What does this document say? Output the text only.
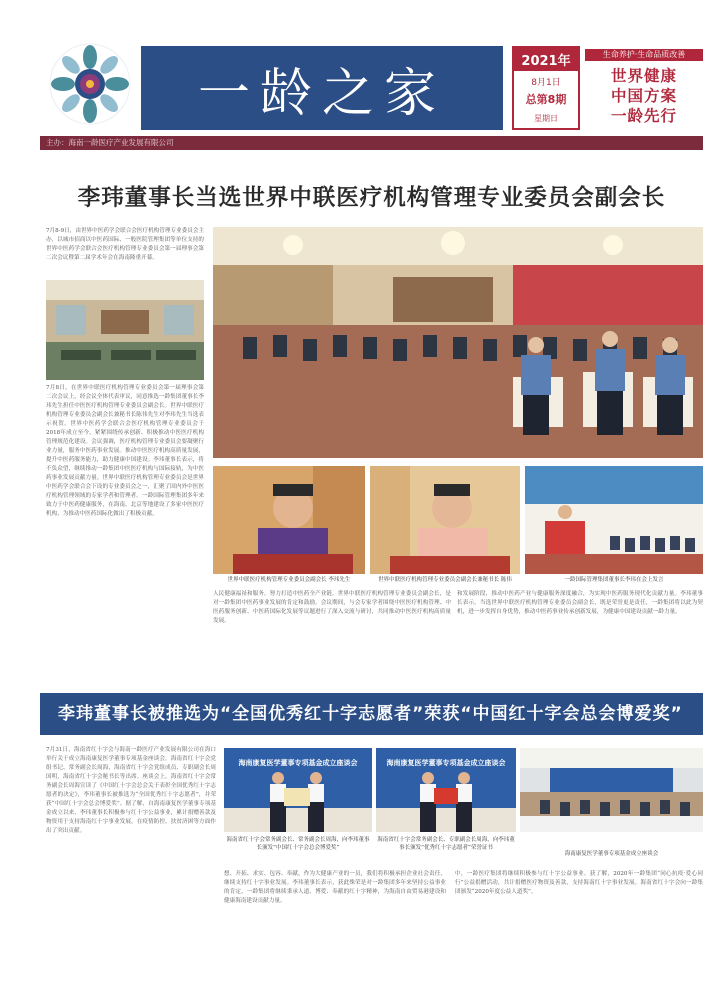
一龄之家
2021年
8月1日
总第8期
星期日
生命养护·生命品质改善
世界健康
中国方案
一龄先行
主办：海南一龄医疗产业发展有限公司
李玮董事长当选世界中联医疗机构管理专业委员会副会长
7月8-9日，由世界中医药学会联合会医疗机构管理专业委员会主办，以城市招商以中医药国际、一般医院管理集团等单位支持的世界中医药学会联合会医疗机构管理专业委员会第一届理事会第二次会议暨第二届学术年会在海南隆重开幕。
7月8日，在世界中联医疗机构管理专业委员会第一届理事会第二次会议上，经会议全体代表审议，同意推选一龄集团董事长李玮先生担任中医医疗机构管理专业委员会副会长。世界中联医疗机构管理专业委员会副会长兼秘书长陈伟先生对李玮先生当选表示祝贺。世界中医药学会联合会医疗机构管理专业委员会于2018年成立至今，紧紧围绕传承创新、积极推动中医医疗机构管理规范化建设。会议强调，医疗机构管理专业委员会要凝聚行业力量，服务中医药事业发展。推动中医医疗机构高质量发展，提升中医药服务能力，助力健康中国建设。李玮董事长表示，将不负众望，继续推动一龄集团中医医疗机构与国际接轨，为中医药事业发展贡献力量。世界中联医疗机构管理专业委员会是世界中医药学会联合会下设的专业委员会之一，汇聚了国内外中医医疗机构管理领域的专家学者和管理者。一龄国际管理集团多年来致力于中医药健康服务，在海南、北京等地建设了多家中医医疗机构，为推动中医药国际化做出了积极贡献。
世界中联医疗机构管理专业委员会副会长 李玮先生	世界中联医疗机构管理专业委员会副会长兼秘书长 陈伟	一龄国际管理集团董事长李玮在会上发言
人民健康福祉和服务，努力打造中医药全产业链。世界中联医疗机构管理专业委员会副会长，是对一龄集团中医药事业发展的肯定和鼓励。会议期间，与会专家学者围绕中医医疗机构管理、中医药服务创新、中医药国际化发展等议题进行了深入交流与研讨，共同推动中医医疗机构高质量发展。
和发展阶段，推动中医药产业与健康服务深度融合，为实现中医药服务现代化贡献力量。李玮董事长表示，当选世界中联医疗机构管理专业委员会副会长，既是荣誉更是责任，一龄集团将以此为契机，进一步发挥自身优势，推动中医药事业传承创新发展，为健康中国建设贡献一龄力量。
李玮董事长被推选为“全国优秀红十字志愿者”荣获“中国红十字会总会博爱奖”
7月31日，海南省红十字会与海南一龄医疗产业发展有限公司在海口举行关于成立海南康复医学董事专项基金座谈会。海南省红十字会党组书记、常务副会长周海，海南省红十字会党组成员、专职副会长周国明，海南省红十字会秘书长等出席。座谈会上，海南省红十字会常务副会长周海宣读了《中国红十字会总会关于表彰全国优秀红十字志愿者的决定》，李玮董事长被推选为“全国优秀红十字志愿者”，并荣获“中国红十字会总会博爱奖”。据了解，自海南康复医学董事专项基金成立以来，李玮董事长积极参与红十字公益事业，累计捐赠善款及物资用于支持海南红十字事业发展，在疫情防控、扶贫济困等方面作出了突出贡献。
海南康复医学董事专项基金成立座谈会
海南省红十字会常务副会长、常务副会长周海，向李玮董事长颁发“中国红十字会总会博爱奖”
海南康复医学董事专项基金成立座谈会
海南省红十字会常务副会长、专职副会长周海，向李玮董事长颁发“优秀红十字志愿者”荣誉证书
海南康复医学董事专项基金成立座谈会
想、开拓、求实、包容、奉献，作为大健康产业的一员，我们将积极承担企业社会责任，继续支持红十字事业发展。李玮董事长表示，获此殊荣是对一龄集团多年来坚持公益事业的肯定，一龄集团将继续秉承人道、博爱、奉献的红十字精神，为海南自由贸易港建设和健康海南建设贡献力量。
中，一龄医疗集团将继续积极参与红十字公益事业。获了解，2020年一龄集团“同心抗疫·爱心同行”公益捐赠活动，共计捐赠医疗物资及善款，支持海南红十字事业发展。海南省红十字会向一龄集团颁发“2020年度公益人道奖”。
